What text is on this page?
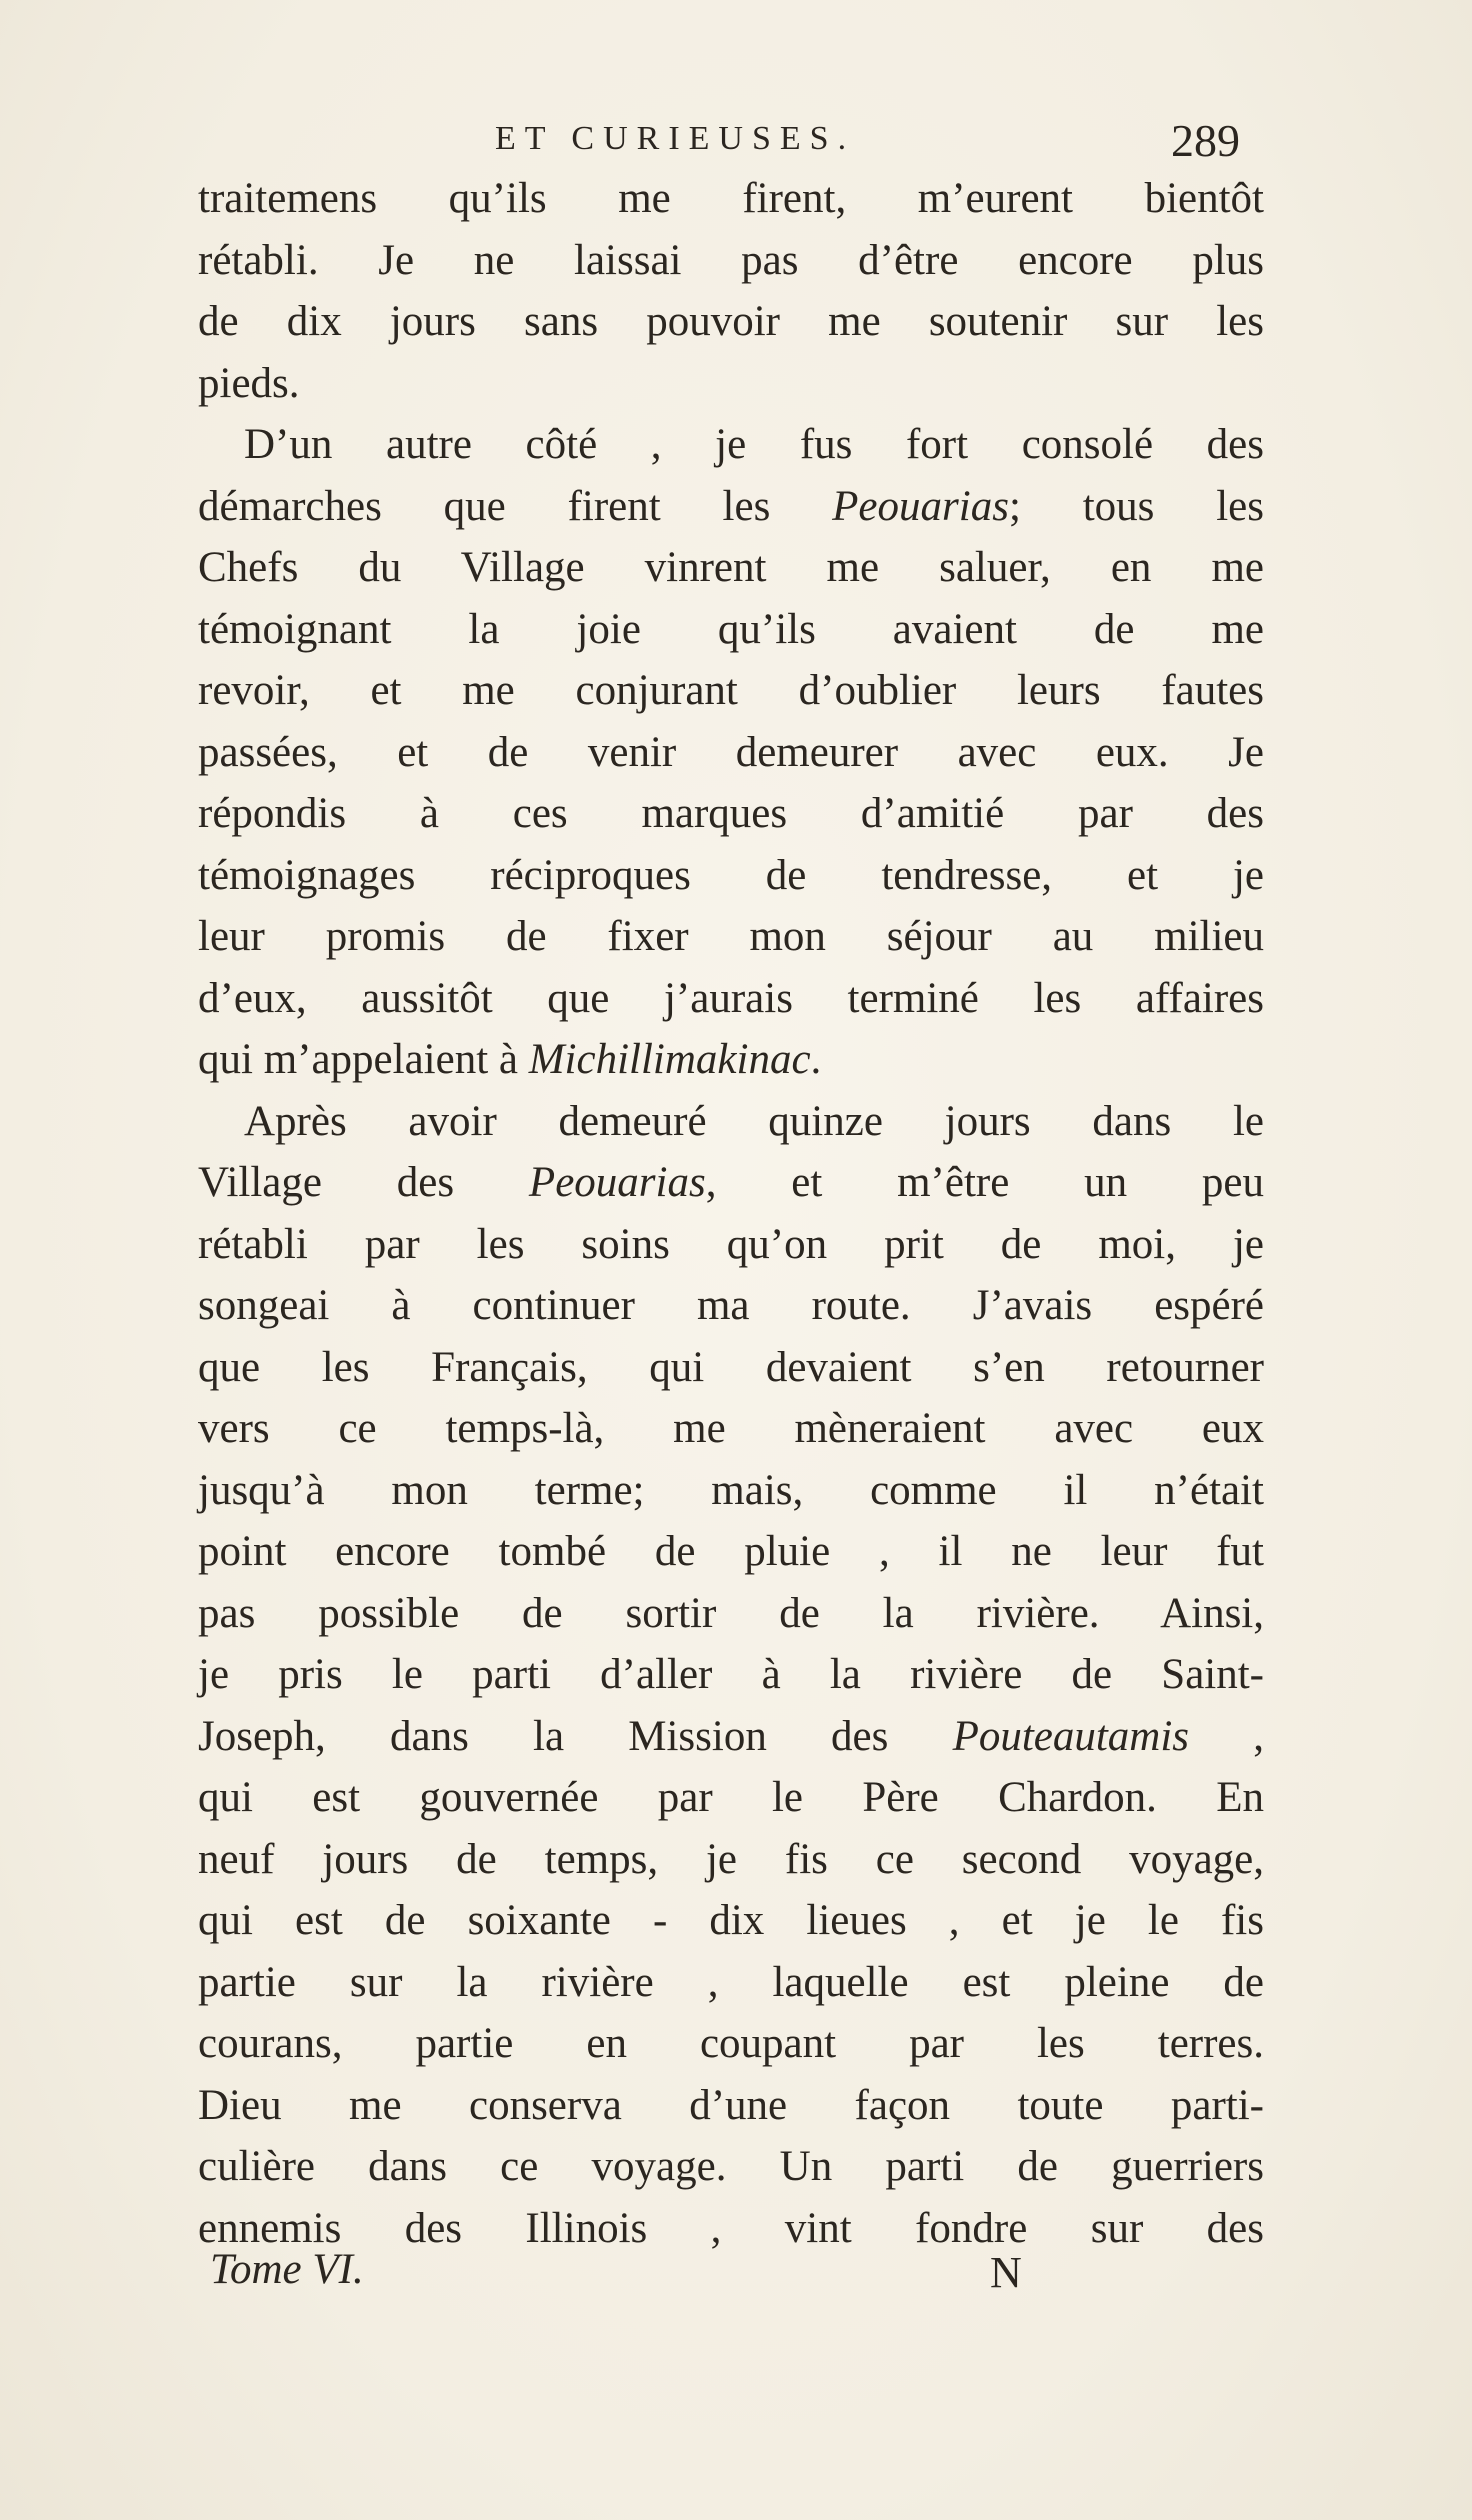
ET CURIEUSES.	289
traitemens qu’ils me firent, m’eurent bientôt
rétabli. Je ne laissai pas d’être encore plus
de dix jours sans pouvoir me soutenir sur les
pieds.
D’un autre côté , je fus fort consolé des
démarches que firent les Peouarias; tous les
Chefs du Village vinrent me saluer, en me
témoignant la joie qu’ils avaient de me
revoir, et me conjurant d’oublier leurs fautes
passées, et de venir demeurer avec eux. Je
répondis à ces marques d’amitié par des
témoignages réciproques de tendresse, et je
leur promis de fixer mon séjour au milieu
d’eux, aussitôt que j’aurais terminé les affaires
qui m’appelaient à Michillimakinac.
Après avoir demeuré quinze jours dans le
Village des Peouarias, et m’être un peu
rétabli par les soins qu’on prit de moi, je
songeai à continuer ma route. J’avais espéré
que les Français, qui devaient s’en retourner
vers ce temps-là, me mèneraient avec eux
jusqu’à mon terme; mais, comme il n’était
point encore tombé de pluie , il ne leur fut
pas possible de sortir de la rivière. Ainsi,
je pris le parti d’aller à la rivière de Saint-
Joseph, dans la Mission des Pouteautamis ,
qui est gouvernée par le Père Chardon. En
neuf jours de temps, je fis ce second voyage,
qui est de soixante - dix lieues , et je le fis
partie sur la rivière , laquelle est pleine de
courans, partie en coupant par les terres.
Dieu me conserva d’une façon toute parti-
culière dans ce voyage. Un parti de guerriers
ennemis des Illinois , vint fondre sur des
Tome VI.	N
